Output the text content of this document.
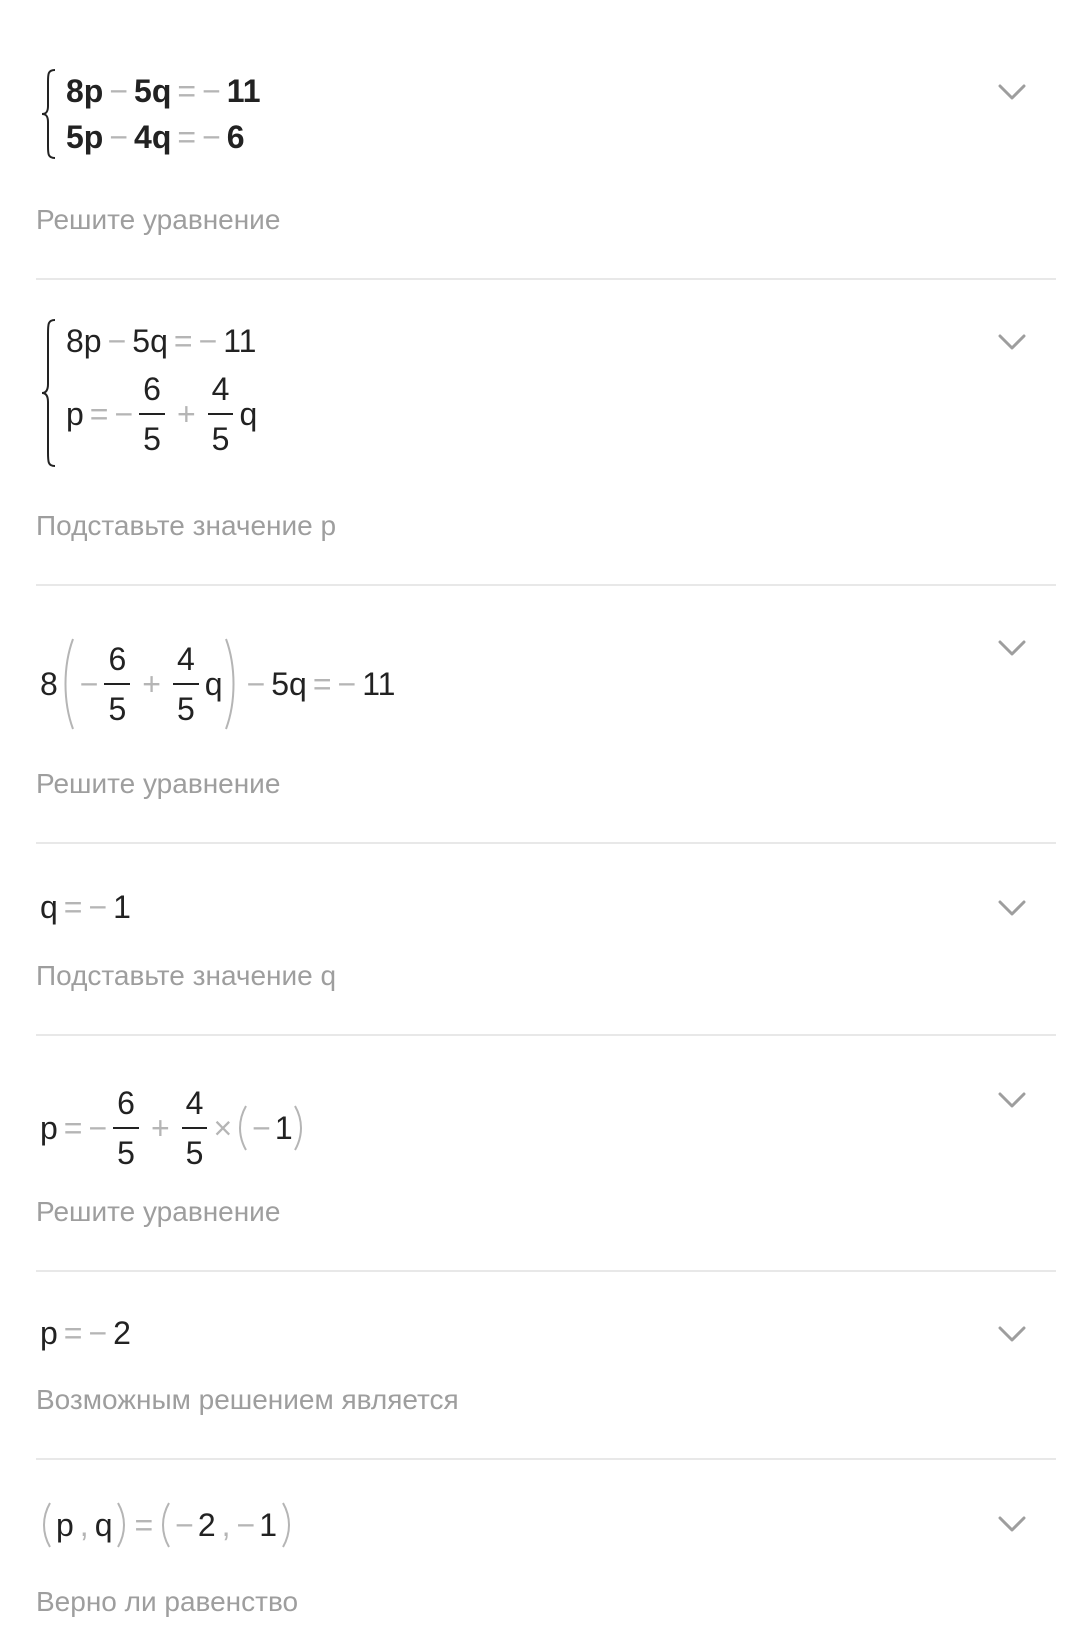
8p − 5q = − 11
5p − 4q = − 6
Решите уравнение
8p − 5q = − 11
p = − $\frac{6}{5} + \frac{4}{5}$ q
Подставьте значение p
$8 - \frac{6}{5} + \frac{4}{5}$ q − 5q = − 11
Решите уравнение
q = − 1
Подставьте значение q
p = − $\frac{6}{5} + \frac{4}{5}$ × − 1
Решите уравнение
p = − 2
Возможным решением является
p , q = − 2 , − 1
Верно ли равенство
